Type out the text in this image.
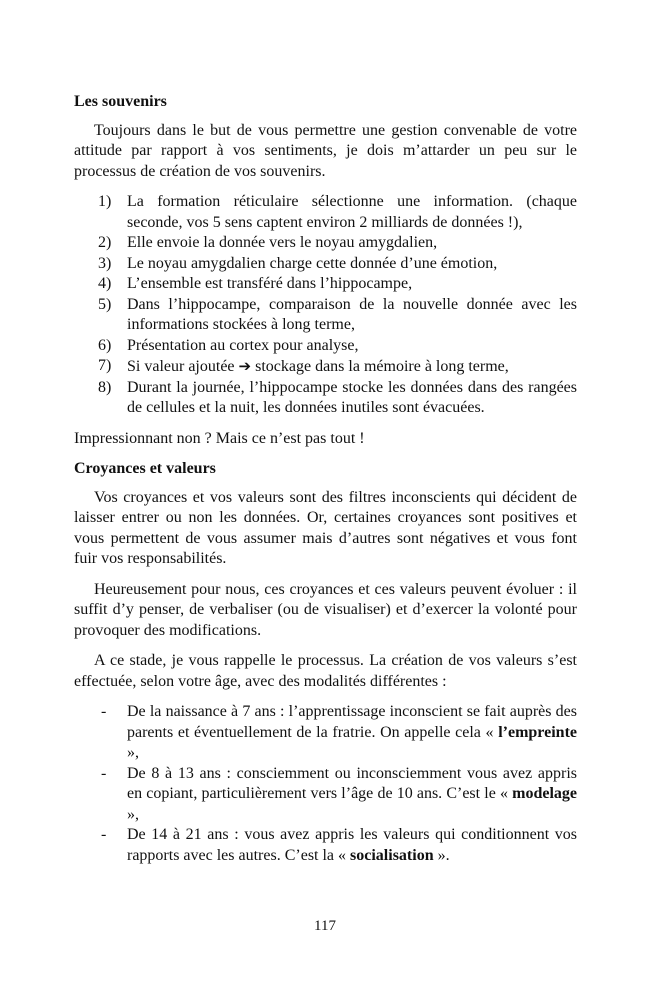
Les souvenirs

Toujours dans le but de vous permettre une gestion convenable de votre attitude par rapport à vos sentiments, je dois m’attarder un peu sur le processus de création de vos souvenirs.

1) La formation réticulaire sélectionne une information. (chaque seconde, vos 5 sens captent environ 2 milliards de données !),
2) Elle envoie la donnée vers le noyau amygdalien,
3) Le noyau amygdalien charge cette donnée d’une émotion,
4) L’ensemble est transféré dans l’hippocampe,
5) Dans l’hippocampe, comparaison de la nouvelle donnée avec les informations stockées à long terme,
6) Présentation au cortex pour analyse,
7) Si valeur ajoutée ➔ stockage dans la mémoire à long terme,
8) Durant la journée, l’hippocampe stocke les données dans des rangées de cellules et la nuit, les données inutiles sont évacuées.

Impressionnant non ? Mais ce n’est pas tout !

Croyances et valeurs

Vos croyances et vos valeurs sont des filtres inconscients qui décident de laisser entrer ou non les données. Or, certaines croyances sont positives et vous permettent de vous assumer mais d’autres sont négatives et vous font fuir vos responsabilités.

Heureusement pour nous, ces croyances et ces valeurs peuvent évoluer : il suffit d’y penser, de verbaliser (ou de visualiser) et d’exercer la volonté pour provoquer des modifications.

A ce stade, je vous rappelle le processus. La création de vos valeurs s’est effectuée, selon votre âge, avec des modalités différentes :

- De la naissance à 7 ans : l’apprentissage inconscient se fait auprès des parents et éventuellement de la fratrie. On appelle cela « l’empreinte »,
- De 8 à 13 ans : consciemment ou inconsciemment vous avez appris en copiant, particulièrement vers l’âge de 10 ans. C’est le « modelage »,
- De 14 à 21 ans : vous avez appris les valeurs qui conditionnent vos rapports avec les autres. C’est la « socialisation ».
117
